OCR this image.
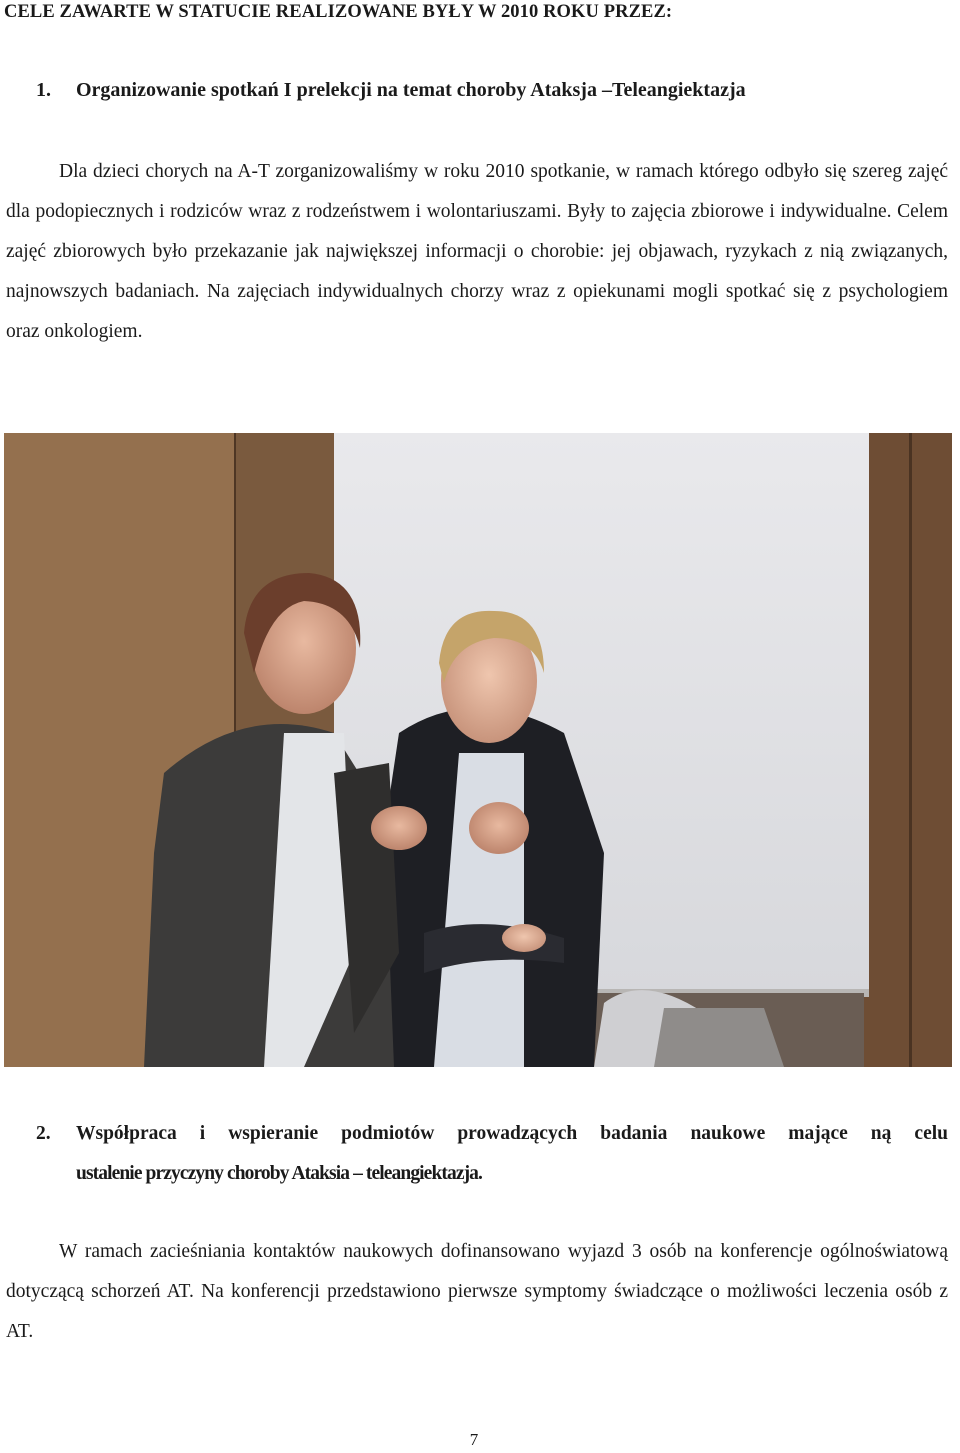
CELE ZAWARTE W STATUCIE REALIZOWANE BYŁY W 2010 ROKU PRZEZ:
1. Organizowanie spotkań I prelekcji na temat choroby Ataksja –Teleangiektazja

Dla dzieci chorych na A-T zorganizowaliśmy w roku 2010 spotkanie, w ramach którego odbyło się szereg zajęć dla podopiecznych i rodziców wraz z rodzeństwem i wolontariuszami. Były to zajęcia zbiorowe i indywidualne. Celem zajęć zbiorowych było przekazanie jak największej informacji o chorobie: jej objawach, ryzykach z nią związanych, najnowszych badaniach. Na zajęciach indywidualnych chorzy wraz z opiekunami mogli spotkać się z psychologiem oraz onkologiem.

2. Współpraca i wspieranie podmiotów prowadzących badania naukowe mające ną celu
ustalenie przyczyny choroby Ataksia – teleangiektazja.

W ramach zacieśniania kontaktów naukowych dofinansowano wyjazd 3 osób na konferencje ogólnoświatową dotyczącą schorzeń AT. Na konferencji przedstawiono pierwsze symptomy świadczące o możliwości leczenia osób z AT.

7
